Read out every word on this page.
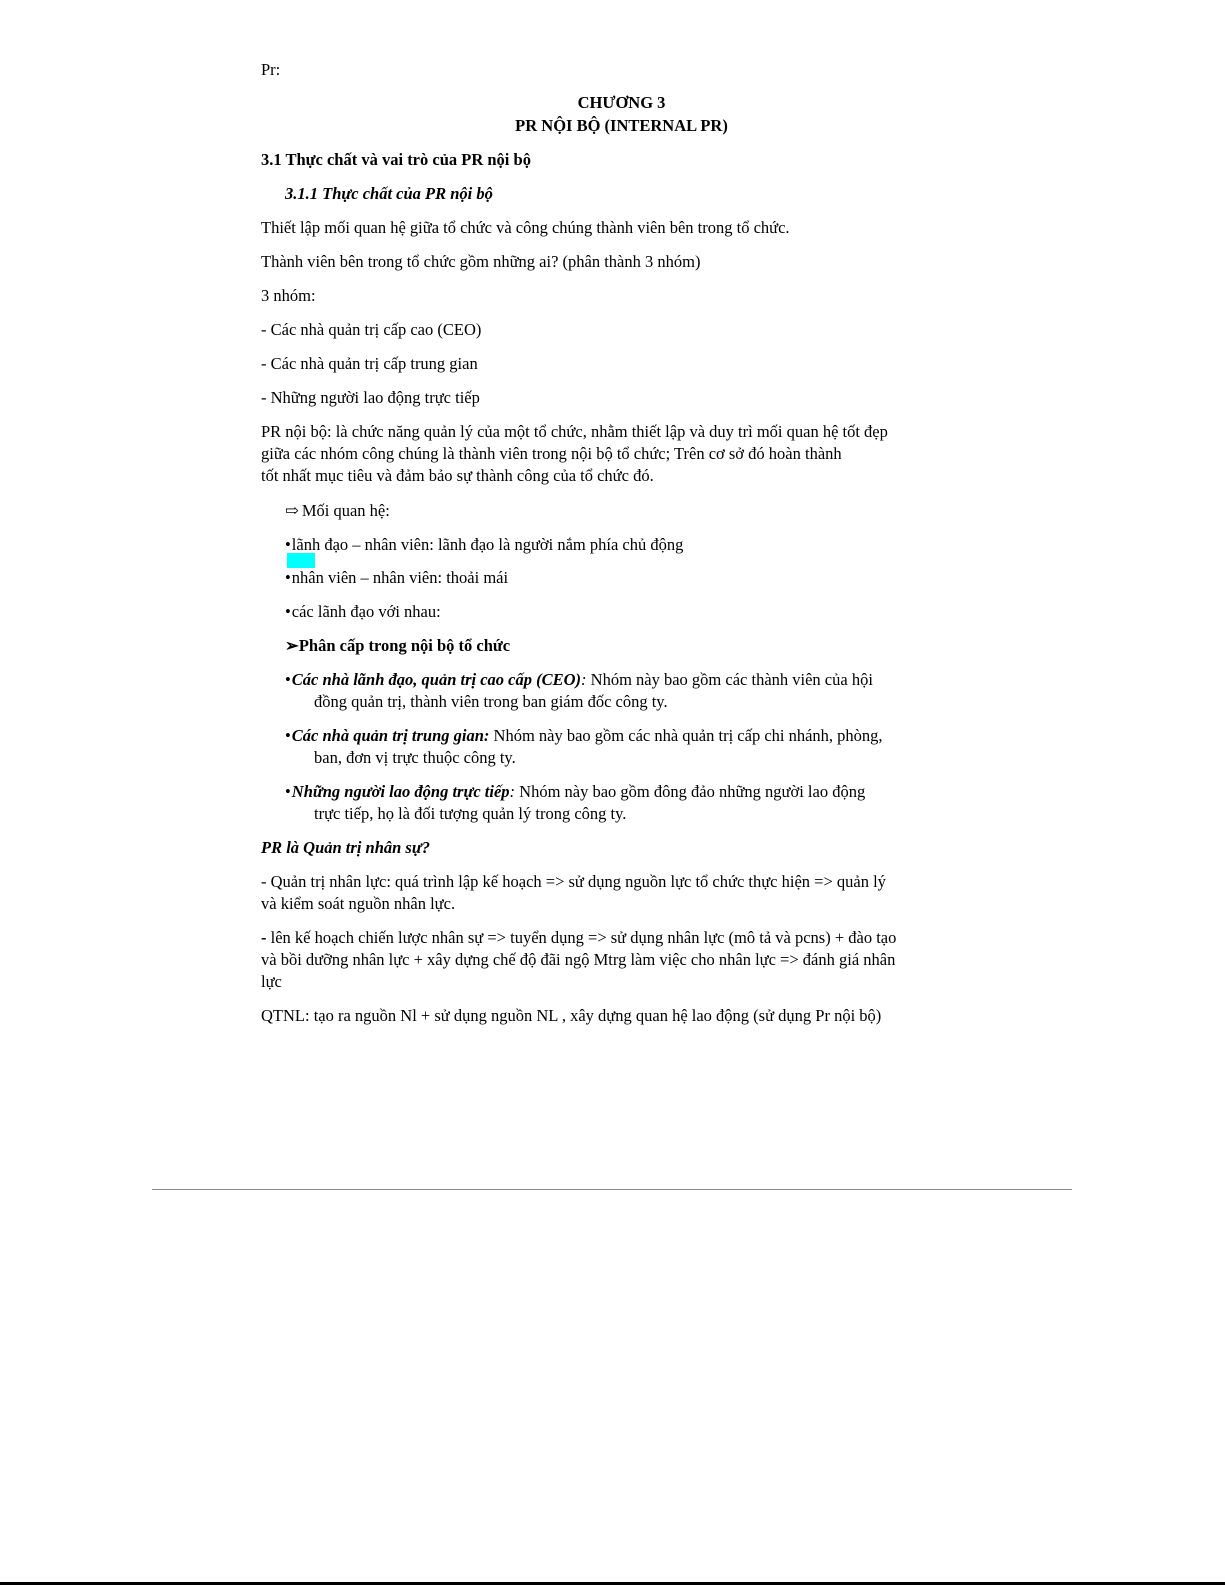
Pr:
CHƯƠNG 3
PR NỘI BỘ (INTERNAL PR)
3.1 Thực chất và vai trò của PR nội bộ
3.1.1 Thực chất của PR nội bộ
Thiết lập mối quan hệ giữa tổ chức và công chúng thành viên bên trong tổ chức.
Thành viên bên trong tổ chức gồm những ai? (phân thành 3 nhóm)
3 nhóm:
- Các nhà quản trị cấp cao (CEO)
- Các nhà quản trị cấp trung gian
- Những người lao động trực tiếp
PR nội bộ: là chức năng quản lý của một tổ chức, nhằm thiết lập và duy trì mối quan hệ tốt đẹp
giữa các nhóm công chúng là thành viên trong nội bộ tổ chức; Trên cơ sở đó hoàn thành
tốt nhất mục tiêu và đảm bảo sự thành công của tổ chức đó.
⇨ Mối quan hệ:
•lãnh đạo – nhân viên: lãnh đạo là người nắm phía chủ động
•nhân viên – nhân viên: thoải mái
•các lãnh đạo với nhau:
➢Phân cấp trong nội bộ tổ chức
•Các nhà lãnh đạo, quản trị cao cấp (CEO): Nhóm này bao gồm các thành viên của hội
đồng quản trị, thành viên trong ban giám đốc công ty.
•Các nhà quản trị trung gian: Nhóm này bao gồm các nhà quản trị cấp chi nhánh, phòng,
ban, đơn vị trực thuộc công ty.
•Những người lao động trực tiếp: Nhóm này bao gồm đông đảo những người lao động
trực tiếp, họ là đối tượng quản lý trong công ty.
PR là Quản trị nhân sự?
- Quản trị nhân lực: quá trình lập kế hoạch => sử dụng nguồn lực tổ chức thực hiện => quản lý
và kiểm soát nguồn nhân lực.
- lên kế hoạch chiến lược nhân sự => tuyển dụng => sử dụng nhân lực (mô tả và pcns) + đào tạo
và bồi dưỡng nhân lực + xây dựng chế độ đãi ngộ Mtrg làm việc cho nhân lực => đánh giá nhân
lực
QTNL: tạo ra nguồn Nl + sử dụng nguồn NL , xây dựng quan hệ lao động (sử dụng Pr nội bộ)
